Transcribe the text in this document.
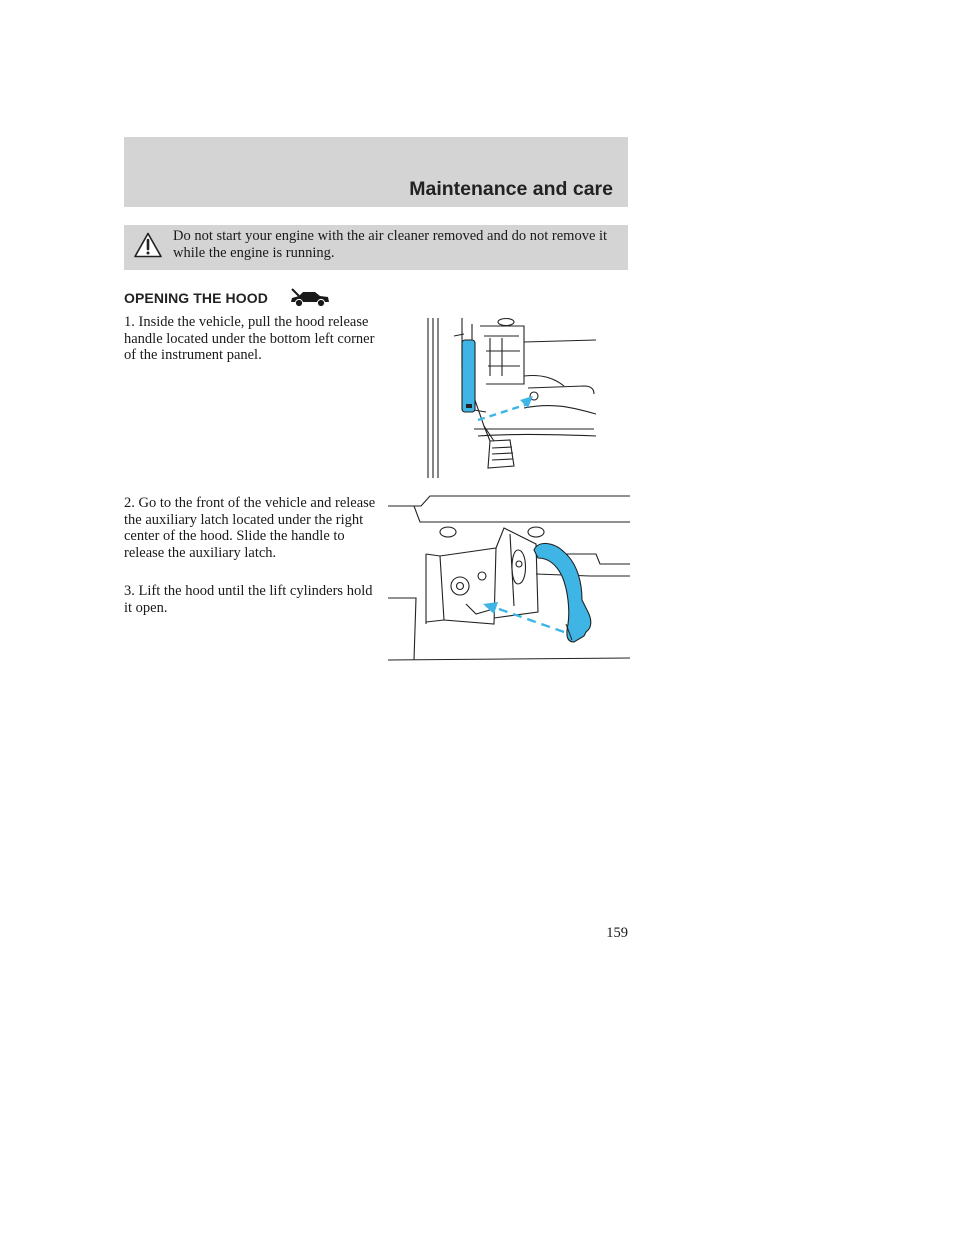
Maintenance and care
Do not start your engine with the air cleaner removed and do not remove it while the engine is running.
OPENING THE HOOD
1. Inside the vehicle, pull the hood release handle located under the bottom left corner of the instrument panel.
2. Go to the front of the vehicle and release the auxiliary latch located under the right center of the hood. Slide the handle to release the auxiliary latch.
3. Lift the hood until the lift cylinders hold it open.
159
